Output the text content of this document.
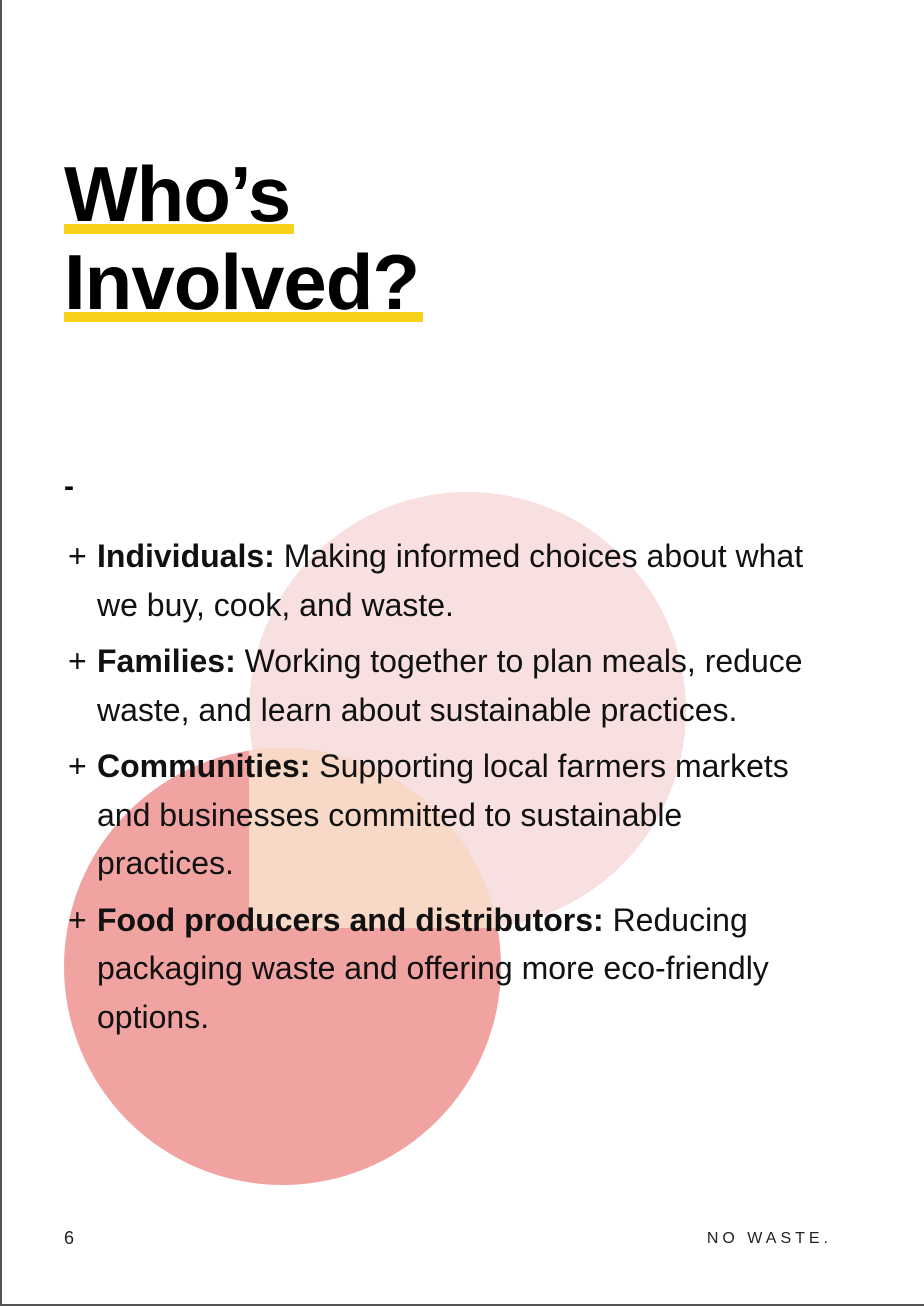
Who’s
Involved?
-
+ Individuals: Making informed choices about what we buy, cook, and waste.
+ Families: Working together to plan meals, reduce waste, and learn about sustainable practices.
+ Communities: Supporting local farmers markets and businesses committed to sustainable practices.
+ Food producers and distributors: Reducing packaging waste and offering more eco-friendly options.
6	NO WASTE.
